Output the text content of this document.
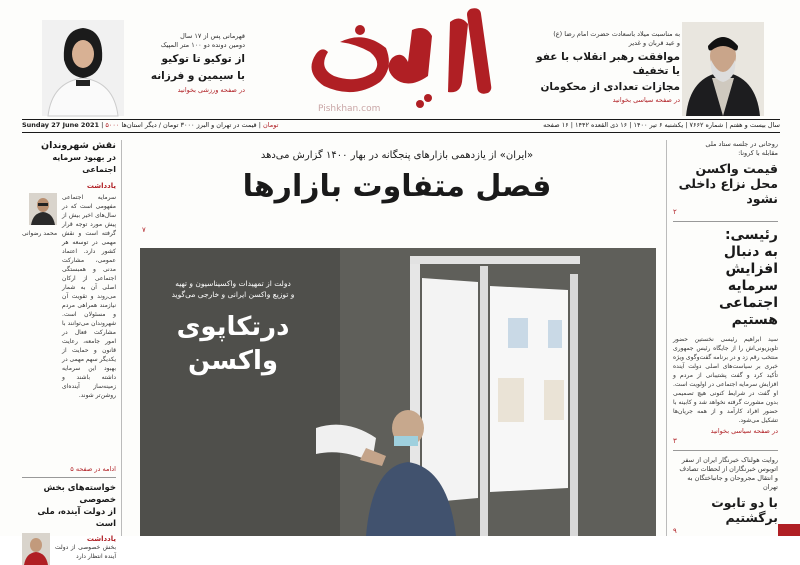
Pishkhan.com
به مناسبت میلاد باسعادت حضرت امام رضا (ع)
و عید قربان و غدیر
موافقت رهبر انقلاب با عفو یا تخفیف
مجازات تعدادی از محکومان
در صفحه سیاسی بخوانید
قهرمانی پس از ۱۷ سال
دومین دونده دو ۱۰۰ متر المپیک
از توکیو تا توکیو
با سیمین و فرزانه
در صفحه ورزشی بخوانید
سال بیست و هفتم | شماره ۷۶۶۲ | یکشنبه ۶ تیر ۱۴۰۰ | ۱۶ ذی القعده ۱۴۴۲ | ۱۶ صفحه
Sunday 27 June 2021 | ۵۰۰۰ تومان | قیمت در تهران و البرز ۳۰۰۰ تومان / دیگر استان‌ها
روحانی در جلسه ستاد ملی
مقابله با کرونا:
قیمت واکسن
محل نزاع داخلی
نشود
۲
رئیسی:
به دنبال افزایش
سرمایه اجتماعی
هستیم
سید ابراهیم رئیسی نخستین حضور تلویزیونی‌اش را از جایگاه رئیس جمهوری منتخب رقم زد و در برنامه گفت‌وگوی ویژه خبری بر سیاست‌های اصلی دولت آینده تأکید کرد و گفت پشتیبانی از مردم و افزایش سرمایه اجتماعی در اولویت است. او گفت در شرایط کنونی هیچ تصمیمی بدون مشورت گرفته نخواهد شد و کابینه با حضور افراد کارآمد و از همه جریان‌ها تشکیل می‌شود.
در صفحه سیاسی بخوانید
۳
روایت هولناک خبرنگار ایران از سفر
اتوبوس خبرنگاران از لحظات تصادف
و انتقال مجروحان و جانباختگان به تهران
با دو تابوت
برگشتیم
۹
نقش شهروندان
در بهبود سرمایه اجتماعی
یادداشت
سرمایه اجتماعی مفهومی است که در سال‌های اخیر بیش از پیش مورد توجه قرار گرفته است و نقش مهمی در توسعه هر کشور دارد. اعتماد عمومی، مشارکت مدنی و همبستگی اجتماعی از ارکان اصلی آن به شمار می‌روند و تقویت آن نیازمند همراهی مردم و مسئولان است. شهروندان می‌توانند با مشارکت فعال در امور جامعه، رعایت قانون و حمایت از یکدیگر سهم مهمی در بهبود این سرمایه داشته باشند و زمینه‌ساز آینده‌ای روشن‌تر شوند.
محمد رضوانی
ادامه در صفحه ۵
خواسته‌های بخش خصوصی
از دولت آینده، ملی است
یادداشت
بخش خصوصی از دولت آینده انتظار دارد
«ایران» از یازدهمی بازارهای پنجگانه در بهار ۱۴۰۰ گزارش می‌دهد
فصل متفاوت بازارها
۷
دولت از تمهیدات واکسیناسیون و تهیه
و توزیع واکسن ایرانی و خارجی می‌گوید
درتکاپوی
واکسن
